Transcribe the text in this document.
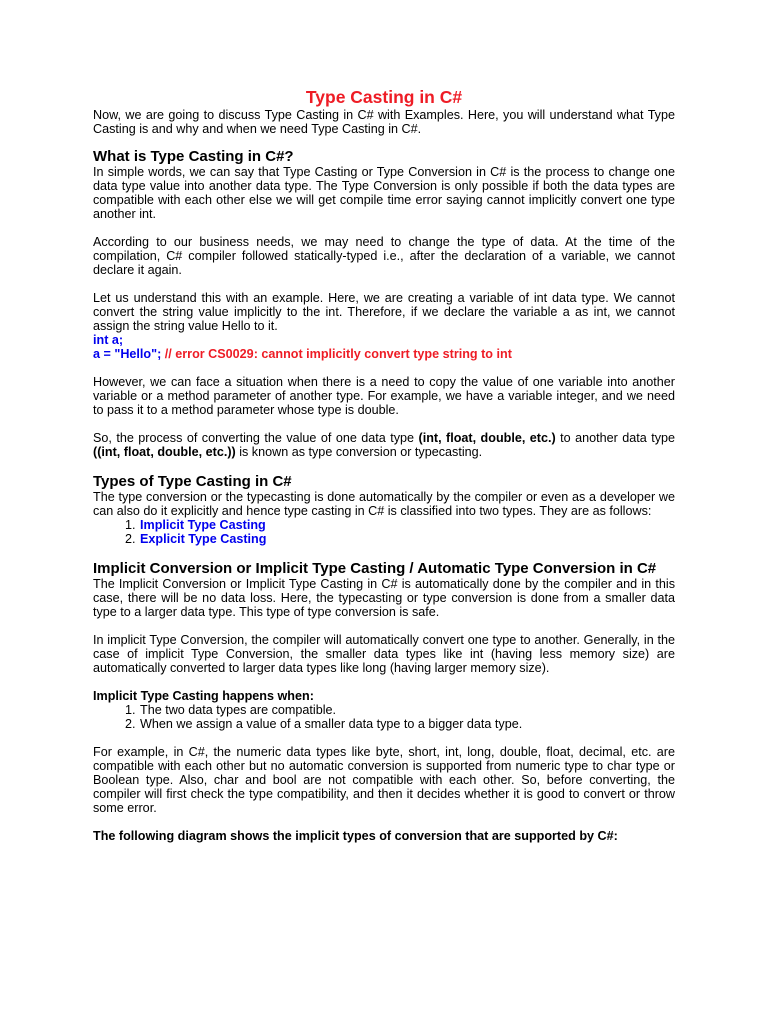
Type Casting in C#

Now, we are going to discuss Type Casting in C# with Examples. Here, you will understand what Type Casting is and why and when we need Type Casting in C#.

What is Type Casting in C#?

In simple words, we can say that Type Casting or Type Conversion in C# is the process to change one data type value into another data type. The Type Conversion is only possible if both the data types are compatible with each other else we will get compile time error saying cannot implicitly convert one type another int.

According to our business needs, we may need to change the type of data. At the time of the compilation, C# compiler followed statically-typed i.e., after the declaration of a variable, we cannot declare it again.

Let us understand this with an example. Here, we are creating a variable of int data type. We cannot convert the string value implicitly to the int. Therefore, if we declare the variable a as int, we cannot assign the string value Hello to it.

int a;
a = "Hello"; // error CS0029: cannot implicitly convert type string to int

However, we can face a situation when there is a need to copy the value of one variable into another variable or a method parameter of another type. For example, we have a variable integer, and we need to pass it to a method parameter whose type is double.

So, the process of converting the value of one data type (int, float, double, etc.) to another data type ((int, float, double, etc.)) is known as type conversion or typecasting.

Types of Type Casting in C#

The type conversion or the typecasting is done automatically by the compiler or even as a developer we can also do it explicitly and hence type casting in C# is classified into two types. They are as follows:

1. Implicit Type Casting
2. Explicit Type Casting
Implicit Conversion or Implicit Type Casting / Automatic Type Conversion in C#

The Implicit Conversion or Implicit Type Casting in C# is automatically done by the compiler and in this case, there will be no data loss. Here, the typecasting or type conversion is done from a smaller data type to a larger data type. This type of type conversion is safe.

In implicit Type Conversion, the compiler will automatically convert one type to another. Generally, in the case of implicit Type Conversion, the smaller data types like int (having less memory size) are automatically converted to larger data types like long (having larger memory size).

Implicit Type Casting happens when:

1. The two data types are compatible.
2. When we assign a value of a smaller data type to a bigger data type.

For example, in C#, the numeric data types like byte, short, int, long, double, float, decimal, etc. are compatible with each other but no automatic conversion is supported from numeric type to char type or Boolean type. Also, char and bool are not compatible with each other. So, before converting, the compiler will first check the type compatibility, and then it decides whether it is good to convert or throw some error.

The following diagram shows the implicit types of conversion that are supported by C#:
